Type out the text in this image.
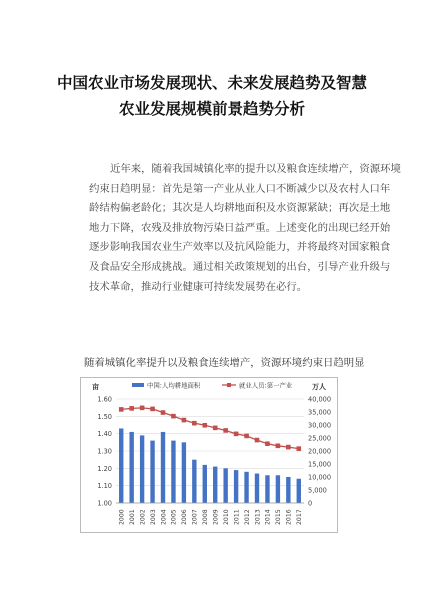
中国农业市场发展现状、未来发展趋势及智慧
农业发展规模前景趋势分析
近年来，随着我国城镇化率的提升以及粮食连续增产，资源环境
约束日趋明显：首先是第一产业从业人口不断减少以及农村人口年
龄结构偏老龄化；其次是人均耕地面积及水资源紧缺；再次是土地
地力下降，农残及排放物污染日益严重。上述变化的出现已经开始
逐步影响我国农业生产效率以及抗风险能力，并将最终对国家粮食
及食品安全形成挑战。通过相关政策规划的出台，引导产业升级与
技术革命，推动行业健康可持续发展势在必行。
随着城镇化率提升以及粮食连续增产，资源环境约束日趋明显
1.00
1.10
1.20
1.30
1.40
1.50
1.60
亩
0
5,000
10,000
15,000
20,000
25,000
30,000
35,000
40,000
万人
2000 2001 2002 2003 2004 2005 2006 2007 2008 2009 2010 2011 2012 2013 2014 2015 2016 2017
中国:人均耕地面积	就业人员:第一产业
